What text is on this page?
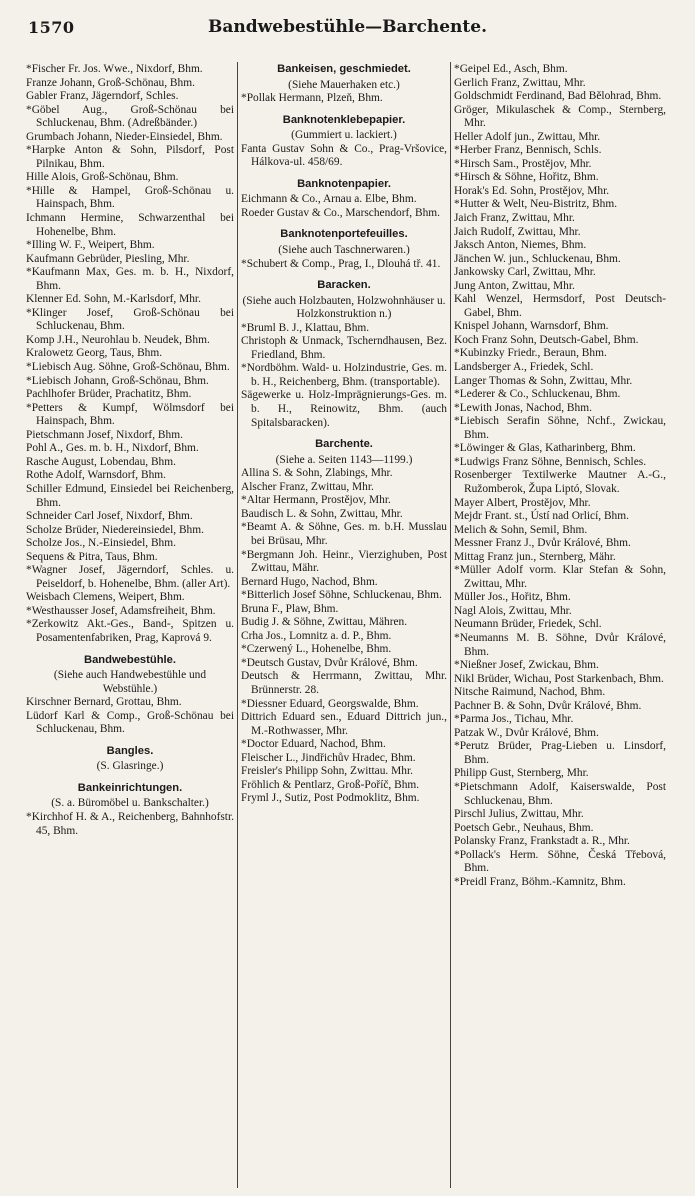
1570	Bandwebestühle—Barchente.

*Fischer Fr. Jos. Wwe., Nixdorf, Bhm.

Franze Johann, Groß-Schönau, Bhm.

Gabler Franz, Jägerndorf, Schles.

*Göbel Aug., Groß-Schönau bei Schluckenau, Bhm. (Adreßbänder.)

Grumbach Johann, Nieder-Einsiedel, Bhm.

*Harpke Anton & Sohn, Pilsdorf, Post Pilnikau, Bhm.

Hille Alois, Groß-Schönau, Bhm.

*Hille & Hampel, Groß-Schönau u. Hainspach, Bhm.

Ichmann Hermine, Schwarzenthal bei Hohenelbe, Bhm.

*Illing W. F., Weipert, Bhm.

Kaufmann Gebrüder, Piesling, Mhr.

*Kaufmann Max, Ges. m. b. H., Nixdorf, Bhm.

Klenner Ed. Sohn, M.-Karlsdorf, Mhr.

*Klinger Josef, Groß-Schönau bei Schluckenau, Bhm.

Komp J.H., Neurohlau b. Neudek, Bhm.

Kralowetz Georg, Taus, Bhm.

*Liebisch Aug. Söhne, Groß-Schönau, Bhm.

*Liebisch Johann, Groß-Schönau, Bhm.

Pachlhofer Brüder, Prachatitz, Bhm.

*Petters & Kumpf, Wölmsdorf bei Hainspach, Bhm.

Pietschmann Josef, Nixdorf, Bhm.

Pohl A., Ges. m. b. H., Nixdorf, Bhm.

Rasche August, Lobendau, Bhm.

Rothe Adolf, Warnsdorf, Bhm.

Schiller Edmund, Einsiedel bei Reichenberg, Bhm.

Schneider Carl Josef, Nixdorf, Bhm.

Scholze Brüder, Niedereinsiedel, Bhm.

Scholze Jos., N.-Einsiedel, Bhm.

Sequens & Pitra, Taus, Bhm.

*Wagner Josef, Jägerndorf, Schles. u. Peiseldorf, b. Hohenelbe, Bhm. (aller Art).

Weisbach Clemens, Weipert, Bhm.

*Westhausser Josef, Adamsfreiheit, Bhm.

*Zerkowitz Akt.-Ges., Band-, Spitzen u. Posamentenfabriken, Prag, Kaprová 9.

Bandwebestühle.

(Siehe auch Handwebestühle und Webstühle.)

Kirschner Bernard, Grottau, Bhm.

Lüdorf Karl & Comp., Groß-Schönau bei Schluckenau, Bhm.

Bangles.

(S. Glasringe.)

Bankeinrichtungen.

(S. a. Büromöbel u. Bankschalter.)

*Kirchhof H. & A., Reichenberg, Bahnhofstr. 45, Bhm.

Bankeisen, geschmiedet.

(Siehe Mauerhaken etc.)

*Pollak Hermann, Plzeň, Bhm.

Banknotenklebepapier.

(Gummiert u. lackiert.)

Fanta Gustav Sohn & Co., Prag-Vršovice, Hálkova-ul. 458/69.

Banknotenpapier.

Eichmann & Co., Arnau a. Elbe, Bhm.

Roeder Gustav & Co., Marschendorf, Bhm.

Banknotenportefeuilles.

(Siehe auch Taschnerwaren.)

*Schubert & Comp., Prag, I., Dlouhá tř. 41.

Baracken.

(Siehe auch Holzbauten, Holzwohnhäuser u. Holzkonstruktion n.)

*Bruml B. J., Klattau, Bhm.

Christoph & Unmack, Tscherndhausen, Bez. Friedland, Bhm.

*Nordböhm. Wald- u. Holzindustrie, Ges. m. b. H., Reichenberg, Bhm. (transportable).

Sägewerke u. Holz-Imprägnierungs-Ges. m. b. H., Reinowitz, Bhm. (auch Spitalsbaracken).

Barchente.

(Siehe a. Seiten 1143—1199.)

Allina S. & Sohn, Zlabings, Mhr.

Alscher Franz, Zwittau, Mhr.

*Altar Hermann, Prostějov, Mhr.

Baudisch L. & Sohn, Zwittau, Mhr.

*Beamt A. & Söhne, Ges. m. b.H. Musslau bei Brüsau, Mhr.

*Bergmann Joh. Heinr., Vierzighuben, Post Zwittau, Mähr.

Bernard Hugo, Nachod, Bhm.

*Bitterlich Josef Söhne, Schluckenau, Bhm.

Bruna F., Plaw, Bhm.

Budig J. & Söhne, Zwittau, Mähren.

Crha Jos., Lomnitz a. d. P., Bhm.

*Czerwený L., Hohenelbe, Bhm.

*Deutsch Gustav, Dvůr Králové, Bhm.

Deutsch & Herrmann, Zwittau, Mhr. Brünnerstr. 28.

*Diessner Eduard, Georgswalde, Bhm.

Dittrich Eduard sen., Eduard Dittrich jun., M.-Rothwasser, Mhr.

*Doctor Eduard, Nachod, Bhm.

Fleischer L., Jindřichův Hradec, Bhm.

Freisler's Philipp Sohn, Zwittau. Mhr.

Fröhlich & Pentlarz, Groß-Poříč, Bhm.

Fryml J., Sutiz, Post Podmoklitz, Bhm.

*Geipel Ed., Asch, Bhm.

Gerlich Franz, Zwittau, Mhr.

Goldschmidt Ferdinand, Bad Bělohrad, Bhm.

Gröger, Mikulaschek & Comp., Sternberg, Mhr.

Heller Adolf jun., Zwittau, Mhr.

*Herber Franz, Bennisch, Schls.

*Hirsch Sam., Prostějov, Mhr.

*Hirsch & Söhne, Hořitz, Bhm.

Horak's Ed. Sohn, Prostějov, Mhr.

*Hutter & Welt, Neu-Bistritz, Bhm.

Jaich Franz, Zwittau, Mhr.

Jaich Rudolf, Zwittau, Mhr.

Jaksch Anton, Niemes, Bhm.

Jänchen W. jun., Schluckenau, Bhm.

Jankowsky Carl, Zwittau, Mhr.

Jung Anton, Zwittau, Mhr.

Kahl Wenzel, Hermsdorf, Post Deutsch-Gabel, Bhm.

Knispel Johann, Warnsdorf, Bhm.

Koch Franz Sohn, Deutsch-Gabel, Bhm.

*Kubinzky Friedr., Beraun, Bhm.

Landsberger A., Friedek, Schl.

Langer Thomas & Sohn, Zwittau, Mhr.

*Lederer & Co., Schluckenau, Bhm.

*Lewith Jonas, Nachod, Bhm.

*Liebisch Serafin Söhne, Nchf., Zwickau, Bhm.

*Löwinger & Glas, Katharinberg, Bhm.

*Ludwigs Franz Söhne, Bennisch, Schles.

Rosenberger Textilwerke Mautner A.-G., Ružomberok, Župa Liptó, Slovak.

Mayer Albert, Prostějov, Mhr.

Mejdr Frant. st., Ústí nad Orlicí, Bhm.

Melich & Sohn, Semil, Bhm.

Messner Franz J., Dvůr Králové, Bhm.

Mittag Franz jun., Sternberg, Mähr.

*Müller Adolf vorm. Klar Stefan & Sohn, Zwittau, Mhr.

Müller Jos., Hořitz, Bhm.

Nagl Alois, Zwittau, Mhr.

Neumann Brüder, Friedek, Schl.

*Neumanns M. B. Söhne, Dvůr Králové, Bhm.

*Nießner Josef, Zwickau, Bhm.

Nikl Brüder, Wichau, Post Starkenbach, Bhm.

Nitsche Raimund, Nachod, Bhm.

Pachner B. & Sohn, Dvůr Králové, Bhm.

*Parma Jos., Tichau, Mhr.

Patzak W., Dvůr Králové, Bhm.

*Perutz Brüder, Prag-Lieben u. Linsdorf, Bhm.

Philipp Gust, Sternberg, Mhr.

*Pietschmann Adolf, Kaiserswalde, Post Schluckenau, Bhm.

Pirschl Julius, Zwittau, Mhr.

Poetsch Gebr., Neuhaus, Bhm.

Polansky Franz, Frankstadt a. R., Mhr.

*Pollack's Herm. Söhne, Česká Třebová, Bhm.

*Preidl Franz, Böhm.-Kamnitz, Bhm.
